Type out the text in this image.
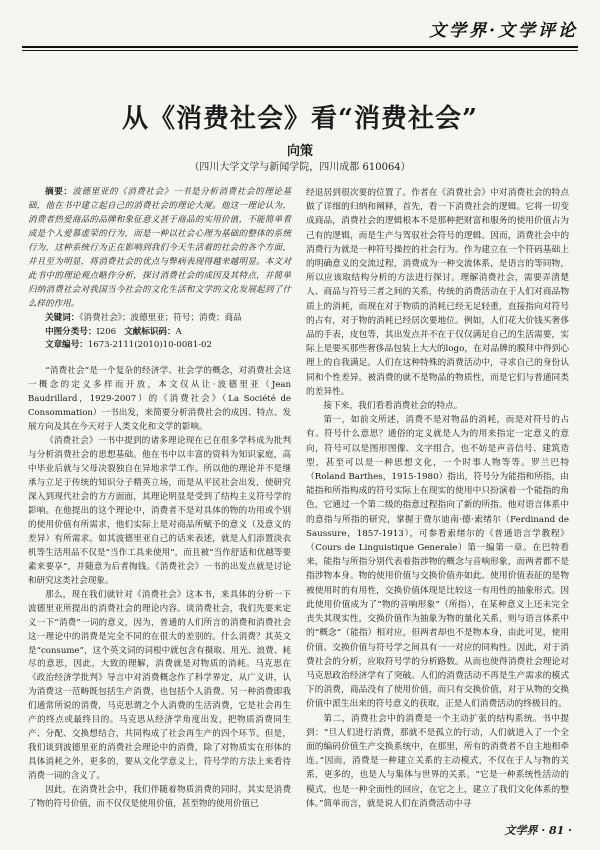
文学界·文学评论
从《消费社会》看“消费社会”
向策
（四川大学文学与新闻学院，四川成都 610064）

摘要：波德里亚的《消费社会》一书是分析消费社会的理论基础，他在书中建立起自己的消费社会的理论大厦。他这一理论认为，消费者热爱商品的品牌和象征意义甚于商品的实用价值，不能简单看成是个人爱慕虚荣的行为，而是一种以社会心理为基础的整体的系统行为，这种系统行为正在影响到我们今天生活着的社会的各个方面，并且至为明显，将消费社会的优点与弊病表现得越来越明显。本文对此书中的理论观点略作分析，探讨消费社会的成因及其特点，并简单归纳消费社会对我国当今社会的文化生活和文学的文化发展起到了什么样的作用。

关键词：《消费社会》；波德里亚；符号；消费；商品
中图分类号：I206 文献标识码：A
文章编号：1673-2111(2010)10-0081-02

“消费社会”是一个复杂的经济学、社会学的概念，对消费社会这一概念的定义多样而开放，本文仅从让·波德里亚（Jean Baudrillard，1929-2007）的《消费社会》（La Société de Consommation）一书出发，来简要分析消费社会的成因、特点、发展方向及其在今天对于人类文化和文学的影响。

《消费社会》一书中提到的诸多理论现在已在很多学科成为批判与分析消费社会的思想基础。他在书中以丰富的资料为知识家庭，高中毕业后就与父母决裂独自在异地求学工作。所以他的理论并不是继承与立足于传统的知识分子精英立场，而是从平民社会出发，使研究深入到现代社会的方方面面，其理论明显是受到了结构主义符号学的影响。在他提出的这个理论中，消费者不是对具体的物的功用或个别的使用价值有所需求，他们实际上是对商品所赋予的意义（及意义的差异）有所需求。如其波德里亚自己的话来表述，就是人们添置淡衣机等生活用品不仅是“当作工具来使用”，而且被“当作舒适和优越等要素来要享”，并随意为后者掏钱。《消费社会》一书的出发点就是讨论和研究这类社会现象。

那么，现在我们就针对《消费社会》这本书，来具体的分析一下波德里亚所提出的消费社会的理论内容。谈消费社会，我们先要来定义一下“消费”一词的意义，因为，普通的人们所言的消费和消费社会这一理论中的消费是完全不同的在很大的差别的。什么消费？其英文是“consume”，这个英文词的词根中就包含有摄取、用光、浪费、耗尽的意思，因此，大致的理解，消费就是对物质的消耗。马克思在《政治经济学批判》导言中对消费概念作了科学界定，从广义讲，认为消费这一范畴既包括生产消费，也包括个人消费。另一种消费即我们通常所说的消费，马克思谓之个人消费的生活消费，它是社会再生产的终点或最终目的。马克思从经济学角度出发，把物质消费同生产、分配、交换想结合，共同构成了社会再生产的四个环节。但是，我们谈到波德里亚的消费社会理论中的消费，除了对物质实在形体的具体消耗之外，更多的，要从文化学意义上，符号学的方法上来看待消费一词的含义了。

因此，在消费社会中，我们伴随着物质消费的同时，其实是消费了物的符号价值，而不仅仅是使用价值，甚至物的使用价值已

经退居到很次要的位置了。作者在《消费社会》中对消费社会的特点做了详细的归纳和阐释，首先，看一下消费社会的逻辑。它将一切变成商品，消费社会的逻辑根本不是那种把财富和服务的使用价值占为己有的逻辑，而是生产与驾驭社会符号的逻辑。因而，消费社会中的消费行为就是一种符号操控的社会行为。作为建立在一个符码基础上的明确意义的交流过程，消费成为一种交流体系，是语言的等同物，所以应该取结构分析的方法进行探讨。理解消费社会，需要弄清楚人、商品与符号三者之间的关系，传统的消费活动在于人们对商品物质上的消耗，而现在对于物质的消耗已经无足轻重，直接指向对符号的占有，对于物的消耗已经居次要地位。例如，人们花大价钱买奢侈品的手表，皮包等，其出发点并不在于仅仅满足自己的生活需要，实际上是要买那些奢侈品包装上大大的logo，在对品牌的膜拜中得到心理上的自我满足。人们在这种特殊的消费活动中，寻求自己的身份认同和个性差异。被消费的就不是物品的物质性，而是它们与普通同类的差异性。

接下来，我们看看消费社会的特点。

第一，如前文所述，消费不是对物品的消耗，而是对符号的占有。符号什么意思？通俗的定义就是人为的用来指定一定意义的意向，符号可以是图形图像、文字组合，也不妨是声音信号、建筑造型，甚至可以是一种思想文化，一个时事人物等等。罗兰巴特（Roland Barthes，1915-1980）指出，符号分为能指和所指，由能指和所指构成的符号实际上在现实的使用中只扮演着一个能指的角色，它通过一个第二级的指意过程指向了新的所指。他对语言体系中的意指与所指的研究，掌握于费尔迪南·德·索绪尔（Ferdinand de Saussure，1857-1913），可参看索绪尔的《普通语言学教程》（Cours de Linguistique Generale）第一编第一章。在巴特看来，能指与所指分别代表着指涉物的概念与音响形象，而两者都不是指涉物本身。物的使用价值与交换价值亦如此。使用价值表征的是物被使用时的有用性，交换价值体现是比较这一有用性的抽象形式。因此使用价值成为了“物的音响形象”（所指），在某种意义上还未完全丧失其现实性，交换价值作为抽象为物的量化关系，则与语言体系中的“概念”（能指）相对应，但两者却也不是物本身，由此可见，使用价值、交换价值与符号学之间具有一一对应的同构性。因此，对于消费社会的分析，应取符号学的分析路数。从而也使得消费社会理论对马克思政治经济学有了突破。人们的消费活动不再是生产需求的模式下的消费，商品没有了使用价值，而只有交换价值，对于从物的交换价值中派生出来的符号意义的获取，正是人们消费活动的终极目的。

第二，消费社会中的消费是一个主动扩张的结构系统。书中提到：“旦人们进行消费，那就不是孤立的行动，人们就进入了一个全面的编码价值生产交换系统中，在那里，所有的消费者不自主地相牵连。”因而，消费是一种建立关系的主动模式，不仅在于人与物的关系，更多的，也是人与集体与世界的关系。“它是一种系统性活动的模式，也是一种全面性的回应，在它之上，建立了我们文化体系的整体。”简单而言，就是说人们在消费活动中寻

文学界 · 81 ·
